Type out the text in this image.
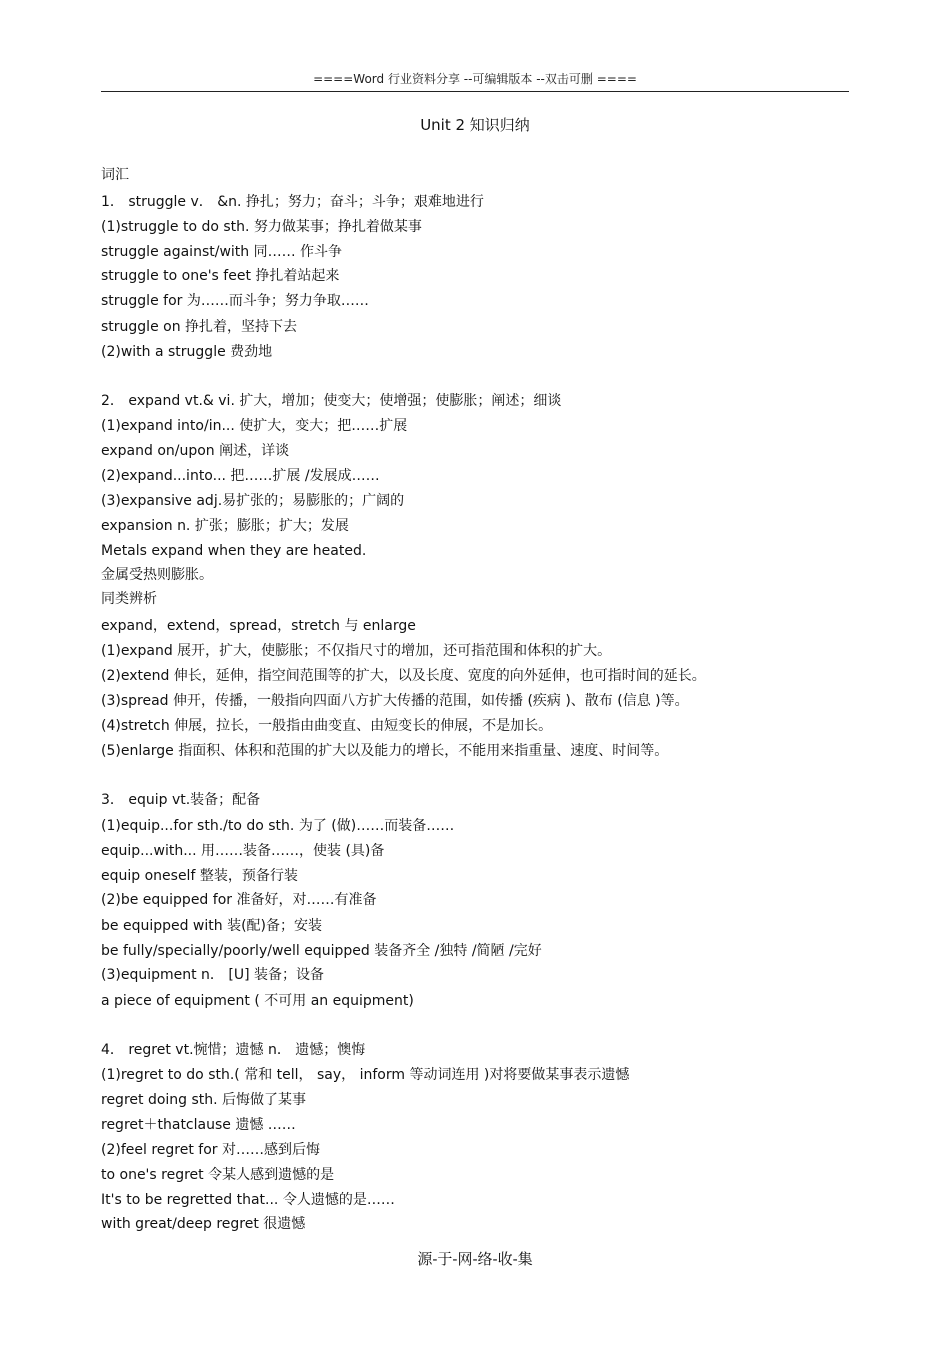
====Word 行业资料分享 --可编辑版本 --双击可删 ====
Unit 2 知识归纳
词汇
1． struggle v． &n. 挣扎；努力；奋斗；斗争；艰难地进行
(1)struggle to do sth. 努力做某事；挣扎着做某事
struggle against/with 同…… 作斗争
struggle to one's feet 挣扎着站起来
struggle for 为……而斗争；努力争取……
struggle on 挣扎着，坚持下去
(2)with a struggle 费劲地
2． expand vt.& vi. 扩大，增加；使变大；使增强；使膨胀；阐述；细谈
(1)expand into/in... 使扩大，变大；把……扩展
expand on/upon 阐述，详谈
(2)expand...into... 把……扩展 /发展成……
(3)expansive adj.易扩张的；易膨胀的；广阔的
expansion n. 扩张；膨胀；扩大；发展
Metals expand when they are heated.
金属受热则膨胀。
同类辨析
expand，extend，spread，stretch 与 enlarge
(1)expand 展开，扩大，使膨胀；不仅指尺寸的增加，还可指范围和体积的扩大。
(2)extend 伸长，延伸，指空间范围等的扩大，以及长度、宽度的向外延伸，也可指时间的延长。
(3)spread 伸开，传播，一般指向四面八方扩大传播的范围，如传播 (疾病 )、散布 (信息 )等。
(4)stretch 伸展，拉长，一般指由曲变直、由短变长的伸展，不是加长。
(5)enlarge 指面积、体积和范围的扩大以及能力的增长，不能用来指重量、速度、时间等。
3． equip vt.装备；配备
(1)equip...for sth./to do sth. 为了 (做)……而装备……
equip...with... 用……装备……，使装 (具)备
equip oneself 整装，预备行装
(2)be equipped for 准备好，对……有准备
be equipped with 装(配)备；安装
be fully/specially/poorly/well equipped 装备齐全 /独特 /简陋 /完好
(3)equipment n． [U] 装备；设备
a piece of equipment ( 不可用 an equipment)
4． regret vt.惋惜；遗憾 n． 遗憾；懊悔
(1)regret to do sth.( 常和 tell， say， inform 等动词连用 )对将要做某事表示遗憾
regret doing sth. 后悔做了某事
regret＋thatclause 遗憾 ……
(2)feel regret for 对……感到后悔
to one's regret 令某人感到遗憾的是
It's to be regretted that... 令人遗憾的是……
with great/deep regret 很遗憾
源-于-网-络-收-集
